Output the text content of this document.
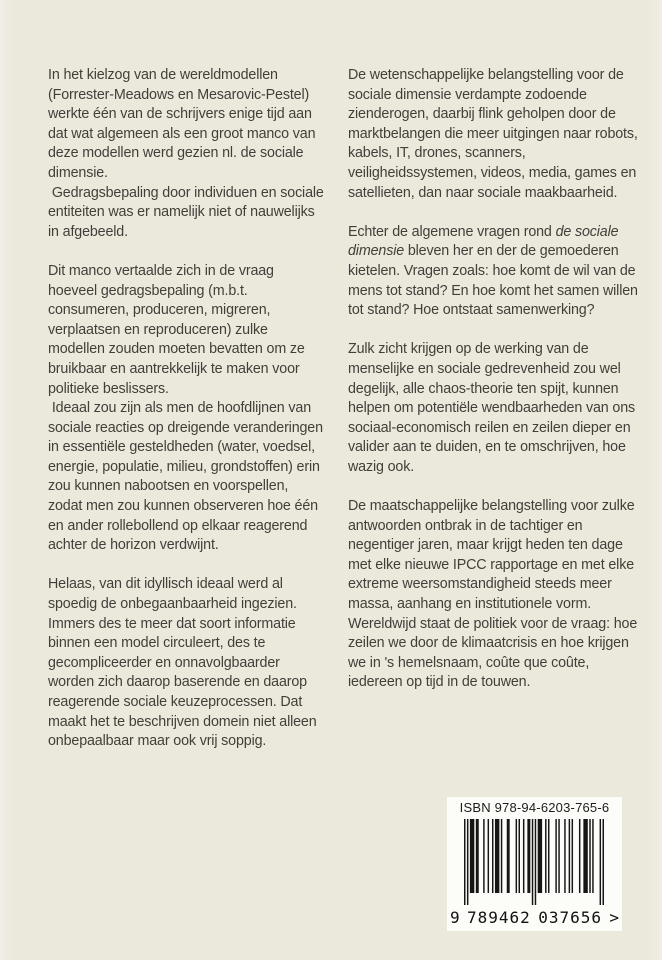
In het kielzog van de wereldmodellen (Forrester-Meadows en Mesarovic-Pestel) werkte één van de schrijvers enige tijd aan dat wat algemeen als een groot manco van deze modellen werd gezien nl. de sociale dimensie.

Gedragsbepaling door individuen en sociale entiteiten was er namelijk niet of nauwelijks in afgebeeld.

Dit manco vertaalde zich in de vraag hoeveel gedragsbepaling (m.b.t. consumeren, produceren, migreren, verplaatsen en reproduceren) zulke modellen zouden moeten bevatten om ze bruikbaar en aantrekkelijk te maken voor politieke beslissers.

Ideaal zou zijn als men de hoofdlijnen van sociale reacties op dreigende veranderingen in essentiële gesteldheden (water, voedsel, energie, populatie, milieu, grondstoffen) erin zou kunnen nabootsen en voorspellen, zodat men zou kunnen observeren hoe één en ander rollebollend op elkaar reagerend achter de horizon verdwijnt.

Helaas, van dit idyllisch ideaal werd al spoedig de onbegaanbaarheid ingezien. Immers des te meer dat soort informatie binnen een model circuleert, des te gecompliceerder en onnavolgbaarder worden zich daarop baserende en daarop reagerende sociale keuzeprocessen. Dat maakt het te beschrijven domein niet alleen onbepaalbaar maar ook vrij soppig.

De wetenschappelijke belangstelling voor de sociale dimensie verdampte zodoende zienderogen, daarbij flink geholpen door de marktbelangen die meer uitgingen naar robots, kabels, IT, drones, scanners, veiligheidssystemen, videos, media, games en satellieten, dan naar sociale maakbaarheid.

Echter de algemene vragen rond de sociale dimensie bleven her en der de gemoederen kietelen. Vragen zoals: hoe komt de wil van de mens tot stand? En hoe komt het samen willen tot stand? Hoe ontstaat samenwerking?

Zulk zicht krijgen op de werking van de menselijke en sociale gedrevenheid zou wel degelijk, alle chaos-theorie ten spijt, kunnen helpen om potentiële wendbaarheden van ons sociaal-economisch reilen en zeilen dieper en valider aan te duiden, en te omschrijven, hoe wazig ook.

De maatschappelijke belangstelling voor zulke antwoorden ontbrak in de tachtiger en negentiger jaren, maar krijgt heden ten dage met elke nieuwe IPCC rapportage en met elke extreme weersomstandigheid steeds meer massa, aanhang en institutionele vorm. Wereldwijd staat de politiek voor de vraag: hoe zeilen we door de klimaatcrisis en hoe krijgen we in 's hemelsnaam, coûte que coûte, iedereen op tijd in de touwen.

ISBN 978-94-6203-765-6
9 789462 037656 >
